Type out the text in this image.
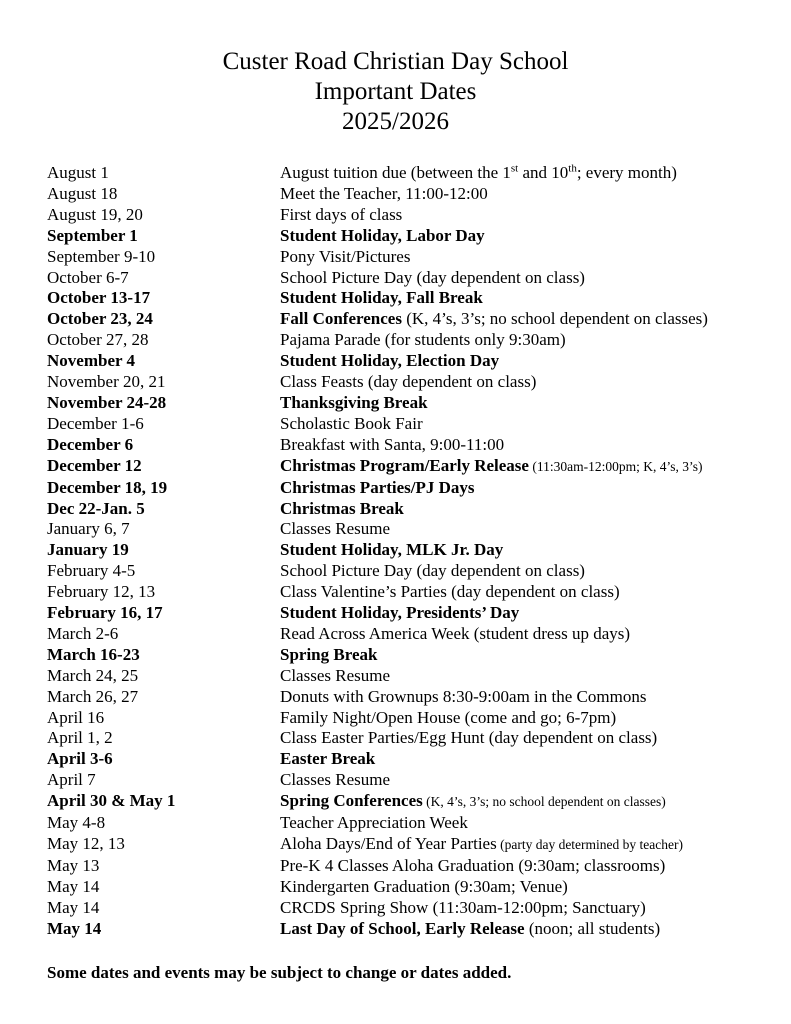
Custer Road Christian Day School
Important Dates
2025/2026
August 1	August tuition due (between the 1st and 10th; every month)
August 18	Meet the Teacher, 11:00-12:00
August 19, 20	First days of class
September 1	Student Holiday, Labor Day
September 9-10	Pony Visit/Pictures
October 6-7	School Picture Day (day dependent on class)
October 13-17	Student Holiday, Fall Break
October 23, 24	Fall Conferences (K, 4’s, 3’s; no school dependent on classes)
October 27, 28	Pajama Parade (for students only 9:30am)
November 4	Student Holiday, Election Day
November 20, 21	Class Feasts (day dependent on class)
November 24-28	Thanksgiving Break
December 1-6	Scholastic Book Fair
December 6	Breakfast with Santa, 9:00-11:00
December 12	Christmas Program/Early Release (11:30am-12:00pm; K, 4’s, 3’s)
December 18, 19	Christmas Parties/PJ Days
Dec 22-Jan. 5	Christmas Break
January 6, 7	Classes Resume
January 19	Student Holiday, MLK Jr. Day
February 4-5	School Picture Day (day dependent on class)
February 12, 13	Class Valentine’s Parties (day dependent on class)
February 16, 17	Student Holiday, Presidents’ Day
March 2-6	Read Across America Week (student dress up days)
March 16-23	Spring Break
March 24, 25	Classes Resume
March 26, 27	Donuts with Grownups 8:30-9:00am in the Commons
April 16	Family Night/Open House (come and go; 6-7pm)
April 1, 2	Class Easter Parties/Egg Hunt (day dependent on class)
April 3-6	Easter Break
April 7	Classes Resume
April 30 & May 1	Spring Conferences (K, 4’s, 3’s; no school dependent on classes)
May 4-8	Teacher Appreciation Week
May 12, 13	Aloha Days/End of Year Parties (party day determined by teacher)
May 13	Pre-K 4 Classes Aloha Graduation (9:30am; classrooms)
May 14	Kindergarten Graduation (9:30am; Venue)
May 14	CRCDS Spring Show (11:30am-12:00pm; Sanctuary)
May 14	Last Day of School, Early Release (noon; all students)
Some dates and events may be subject to change or dates added.
